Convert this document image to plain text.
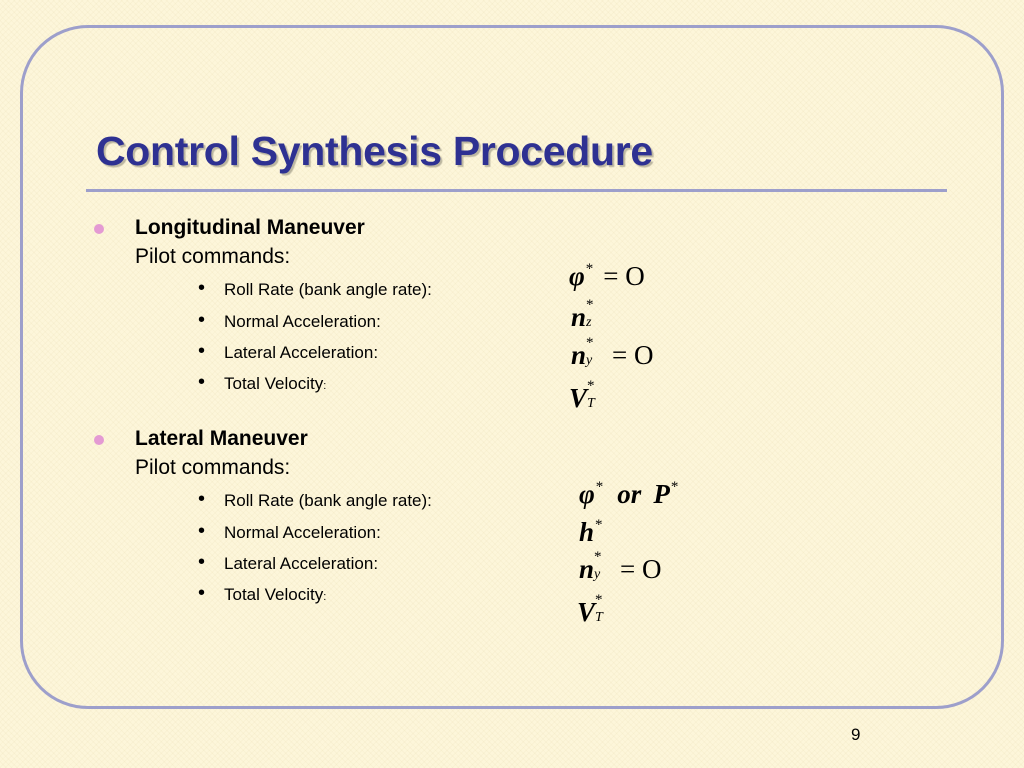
Control Synthesis Procedure
Longitudinal Maneuver
Pilot commands:
• Roll Rate (bank angle rate):
• Normal Acceleration:
• Lateral Acceleration:
• Total Velocity:
φ* = O
n *
z
n *
y = O
V *
T
Lateral Maneuver
Pilot commands:
• Roll Rate (bank angle rate):
• Normal Acceleration:
• Lateral Acceleration:
• Total Velocity:
φ* or P*
h*
n *
y = O
V *
T
9
